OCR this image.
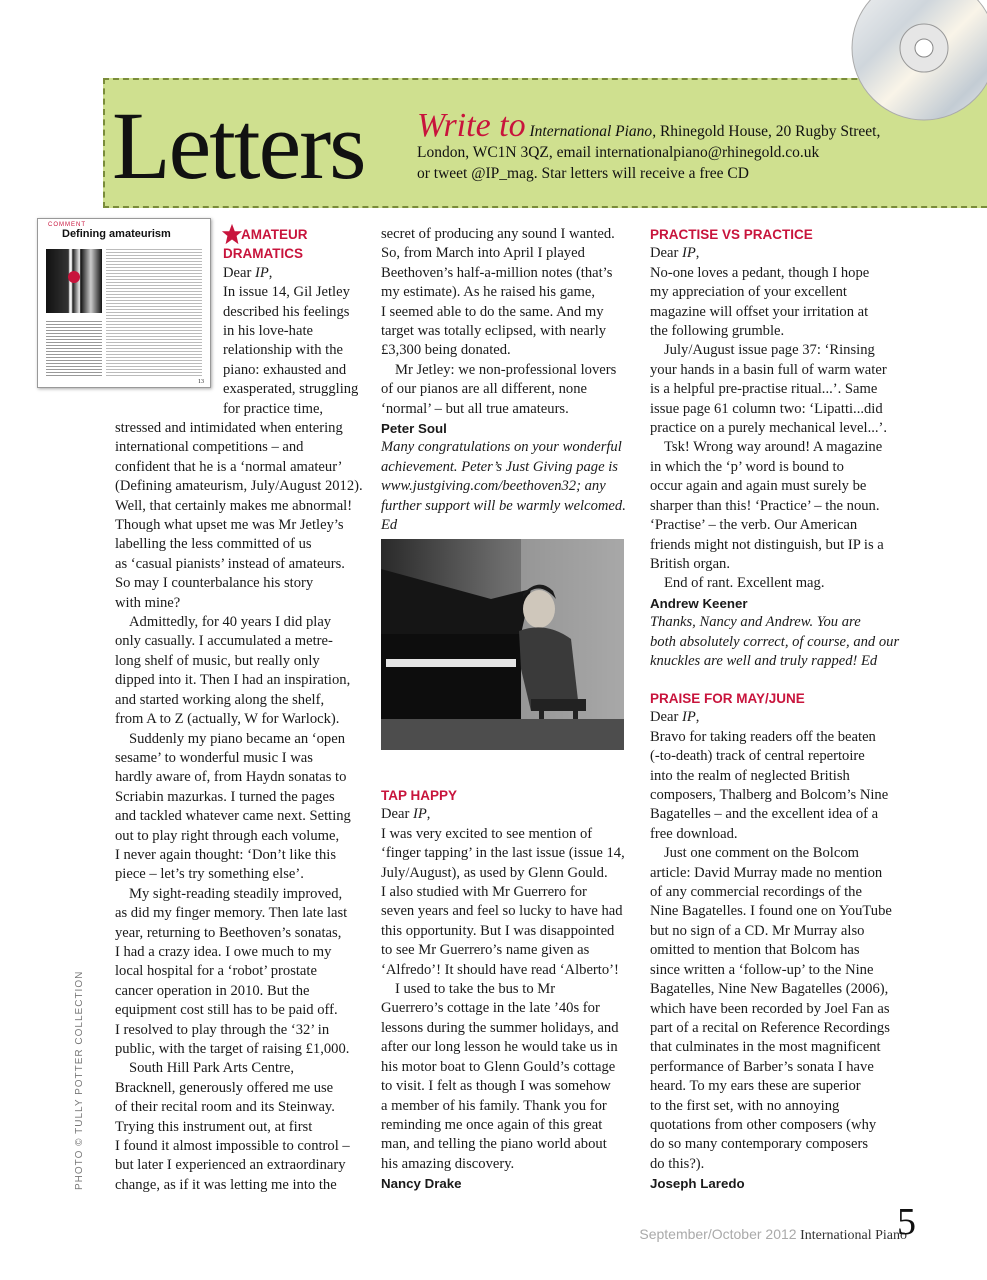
Letters Write to International Piano, Rhinegold House, 20 Rugby Street,
London, WC1N 3QZ, email internationalpiano@rhinegold.co.uk
or tweet @IP_mag. Star letters will receive a free CD
COMMENT
Defining amateurism
13
AMATEUR
DRAMATICS
Dear IP,
In issue 14, Gil Jetley
described his feelings
in his love-hate
relationship with the
piano: exhausted and
exasperated, struggling
for practice time,
stressed and intimidated when entering
international competitions – and
confident that he is a ‘normal amateur’
(Defining amateurism, July/August 2012).
Well, that certainly makes me abnormal!
Though what upset me was Mr Jetley’s
labelling the less committed of us
as ‘casual pianists’ instead of amateurs.
So may I counterbalance his story
with mine?
Admittedly, for 40 years I did play
only casually. I accumulated a metre-
long shelf of music, but really only
dipped into it. Then I had an inspiration,
and started working along the shelf,
from A to Z (actually, W for Warlock).
Suddenly my piano became an ‘open
sesame’ to wonderful music I was
hardly aware of, from Haydn sonatas to
Scriabin mazurkas. I turned the pages
and tackled whatever came next. Setting
out to play right through each volume,
I never again thought: ‘Don’t like this
piece – let’s try something else’.
My sight-reading steadily improved,
as did my finger memory. Then late last
year, returning to Beethoven’s sonatas,
I had a crazy idea. I owe much to my
local hospital for a ‘robot’ prostate
cancer operation in 2010. But the
equipment cost still has to be paid off.
I resolved to play through the ‘32’ in
public, with the target of raising £1,000.
South Hill Park Arts Centre,
Bracknell, generously offered me use
of their recital room and its Steinway.
Trying this instrument out, at first
I found it almost impossible to control –
but later I experienced an extraordinary
change, as if it was letting me into the
secret of producing any sound I wanted.
So, from March into April I played
Beethoven’s half-a-million notes (that’s
my estimate). As he raised his game,
I seemed able to do the same. And my
target was totally eclipsed, with nearly
£3,300 being donated.
Mr Jetley: we non-professional lovers
of our pianos are all different, none
‘normal’ – but all true amateurs.
Peter Soul
Many congratulations on your wonderful
achievement. Peter’s Just Giving page is
www.justgiving.com/beethoven32; any
further support will be warmly welcomed. Ed
TAP HAPPY
Dear IP,
I was very excited to see mention of
‘finger tapping’ in the last issue (issue 14,
July/August), as used by Glenn Gould.
I also studied with Mr Guerrero for
seven years and feel so lucky to have had
this opportunity. But I was disappointed
to see Mr Guerrero’s name given as
‘Alfredo’! It should have read ‘Alberto’!
I used to take the bus to Mr
Guerrero’s cottage in the late ’40s for
lessons during the summer holidays, and
after our long lesson he would take us in
his motor boat to Glenn Gould’s cottage
to visit. I felt as though I was somehow
a member of his family. Thank you for
reminding me once again of this great
man, and telling the piano world about
his amazing discovery.
Nancy Drake
PRACTISE VS PRACTICE
Dear IP,
No-one loves a pedant, though I hope
my appreciation of your excellent
magazine will offset your irritation at
the following grumble.
July/August issue page 37: ‘Rinsing
your hands in a basin full of warm water
is a helpful pre-practise ritual...’. Same
issue page 61 column two: ‘Lipatti...did
practice on a purely mechanical level...’.
Tsk! Wrong way around! A magazine
in which the ‘p’ word is bound to
occur again and again must surely be
sharper than this! ‘Practice’ – the noun.
‘Practise’ – the verb. Our American
friends might not distinguish, but IP is a
British organ.
End of rant. Excellent mag.
Andrew Keener
Thanks, Nancy and Andrew. You are
both absolutely correct, of course, and our
knuckles are well and truly rapped! Ed
PRAISE FOR MAY/JUNE
Dear IP,
Bravo for taking readers off the beaten
(-to-death) track of central repertoire
into the realm of neglected British
composers, Thalberg and Bolcom’s Nine
Bagatelles – and the excellent idea of a
free download.
Just one comment on the Bolcom
article: David Murray made no mention
of any commercial recordings of the
Nine Bagatelles. I found one on YouTube
but no sign of a CD. Mr Murray also
omitted to mention that Bolcom has
since written a ‘follow-up’ to the Nine
Bagatelles, Nine New Bagatelles (2006),
which have been recorded by Joel Fan as
part of a recital on Reference Recordings
that culminates in the most magnificent
performance of Barber’s sonata I have
heard. To my ears these are superior
to the first set, with no annoying
quotations from other composers (why
do so many contemporary composers
do this?).
Joseph Laredo
PHOTO © TULLY POTTER COLLECTION
September/October 2012 International Piano
5
